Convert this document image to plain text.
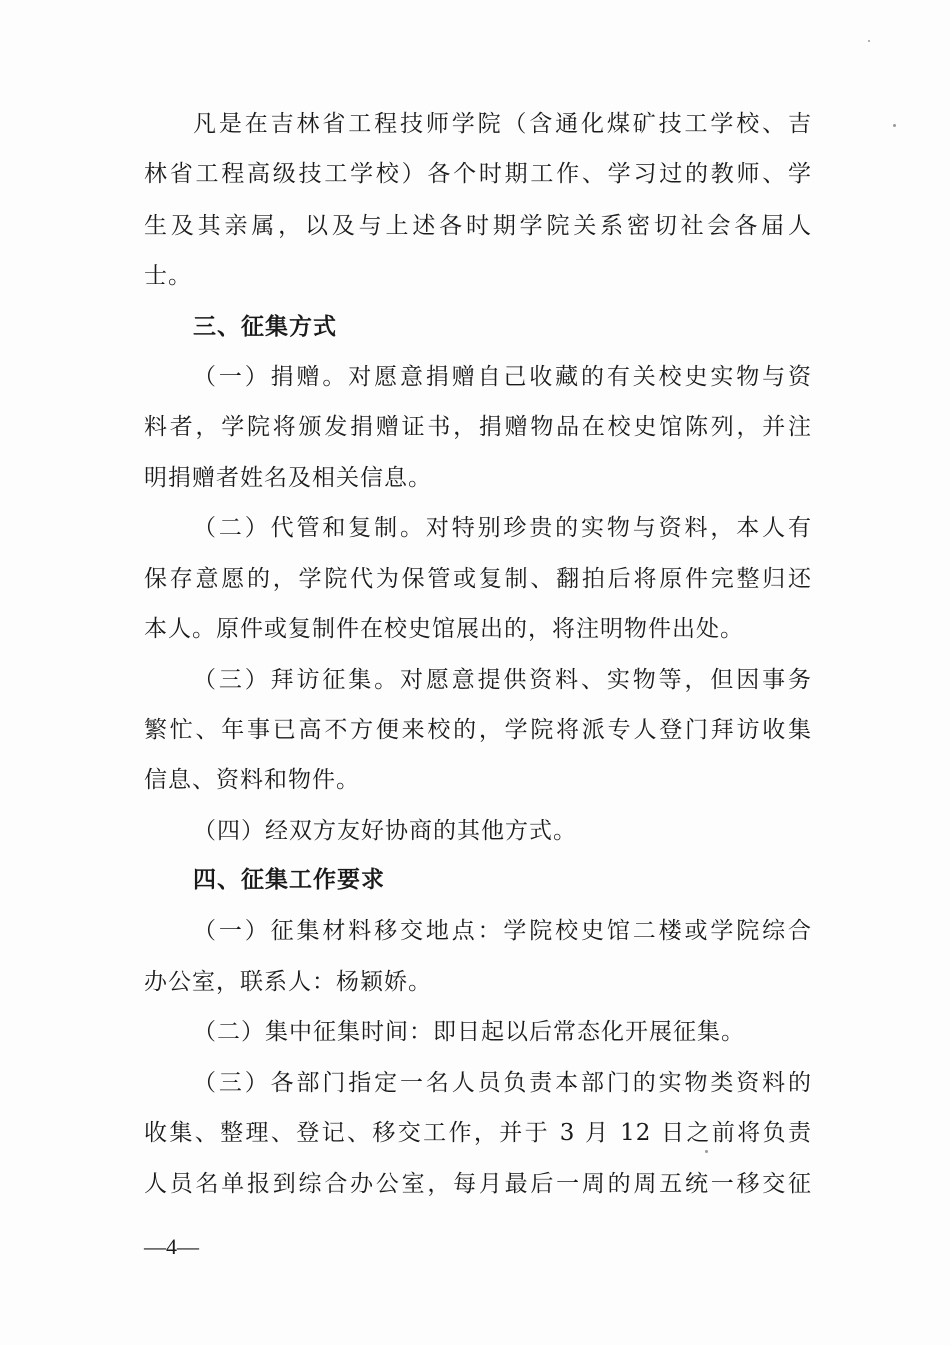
凡是在吉林省工程技师学院（含通化煤矿技工学校、吉
林省工程高级技工学校）各个时期工作、学习过的教师、学
生及其亲属，以及与上述各时期学院关系密切社会各届人
士。
三、征集方式
（一）捐赠。对愿意捐赠自己收藏的有关校史实物与资
料者，学院将颁发捐赠证书，捐赠物品在校史馆陈列，并注
明捐赠者姓名及相关信息。
（二）代管和复制。对特别珍贵的实物与资料，本人有
保存意愿的，学院代为保管或复制、翻拍后将原件完整归还
本人。原件或复制件在校史馆展出的，将注明物件出处。
（三）拜访征集。对愿意提供资料、实物等，但因事务
繁忙、年事已高不方便来校的，学院将派专人登门拜访收集
信息、资料和物件。
（四）经双方友好协商的其他方式。
四、征集工作要求
（一）征集材料移交地点：学院校史馆二楼或学院综合
办公室，联系人：杨颖娇。
（二）集中征集时间：即日起以后常态化开展征集。
（三）各部门指定一名人员负责本部门的实物类资料的
收集、整理、登记、移交工作，并于 3 月 12 日之前将负责
人员名单报到综合办公室，每月最后一周的周五统一移交征
—4—
